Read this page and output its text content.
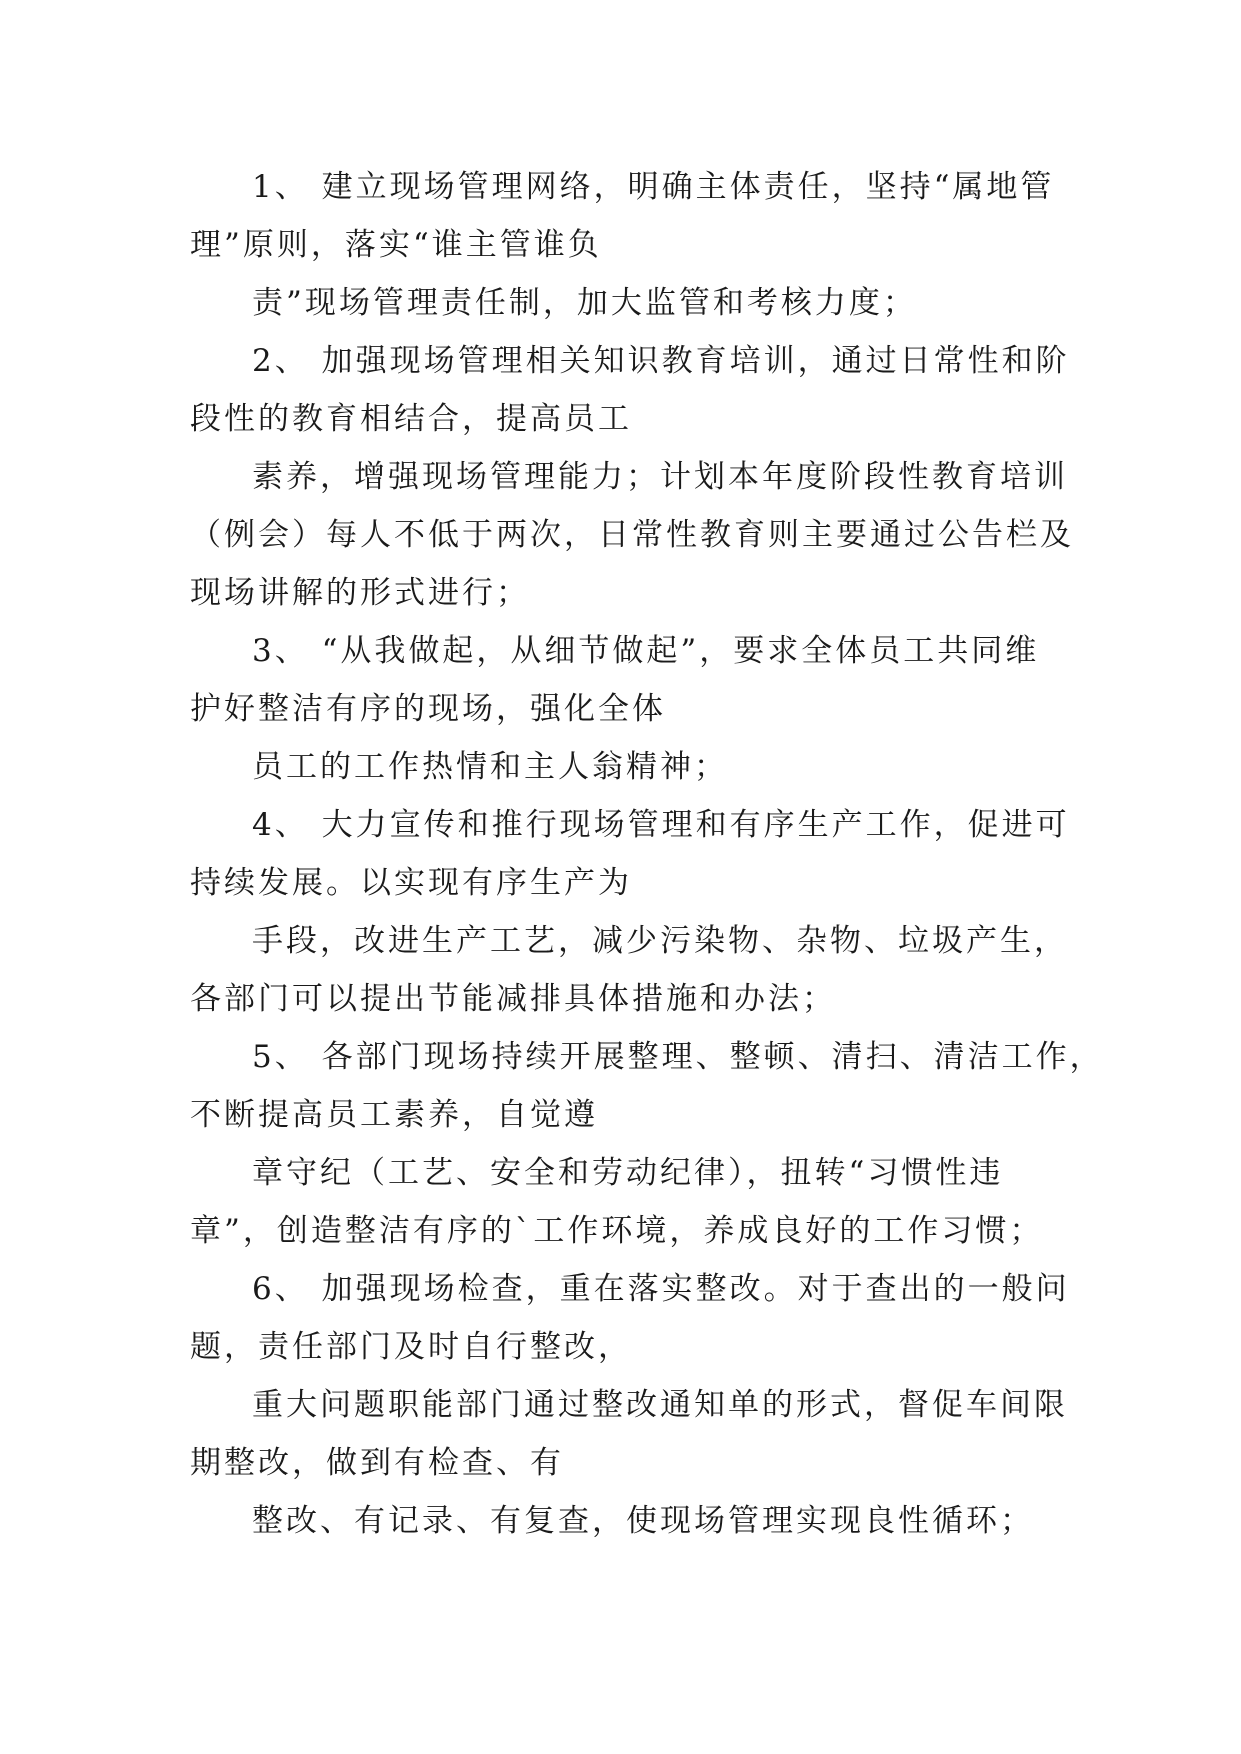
1、 建立现场管理网络，明确主体责任，坚持“属地管
理”原则，落实“谁主管谁负
责”现场管理责任制，加大监管和考核力度；
2、 加强现场管理相关知识教育培训，通过日常性和阶
段性的教育相结合，提高员工
素养，增强现场管理能力；计划本年度阶段性教育培训
（例会）每人不低于两次，日常性教育则主要通过公告栏及
现场讲解的形式进行；
3、 “从我做起，从细节做起”，要求全体员工共同维
护好整洁有序的现场，强化全体
员工的工作热情和主人翁精神；
4、 大力宣传和推行现场管理和有序生产工作，促进可
持续发展。以实现有序生产为
手段，改进生产工艺，减少污染物、杂物、垃圾产生，
各部门可以提出节能减排具体措施和办法；
5、 各部门现场持续开展整理、整顿、清扫、清洁工作，
不断提高员工素养，自觉遵
章守纪（工艺、安全和劳动纪律），扭转“习惯性违
章”，创造整洁有序的`工作环境，养成良好的工作习惯；
6、 加强现场检查，重在落实整改。对于查出的一般问
题，责任部门及时自行整改，
重大问题职能部门通过整改通知单的形式，督促车间限
期整改，做到有检查、有
整改、有记录、有复查，使现场管理实现良性循环；
